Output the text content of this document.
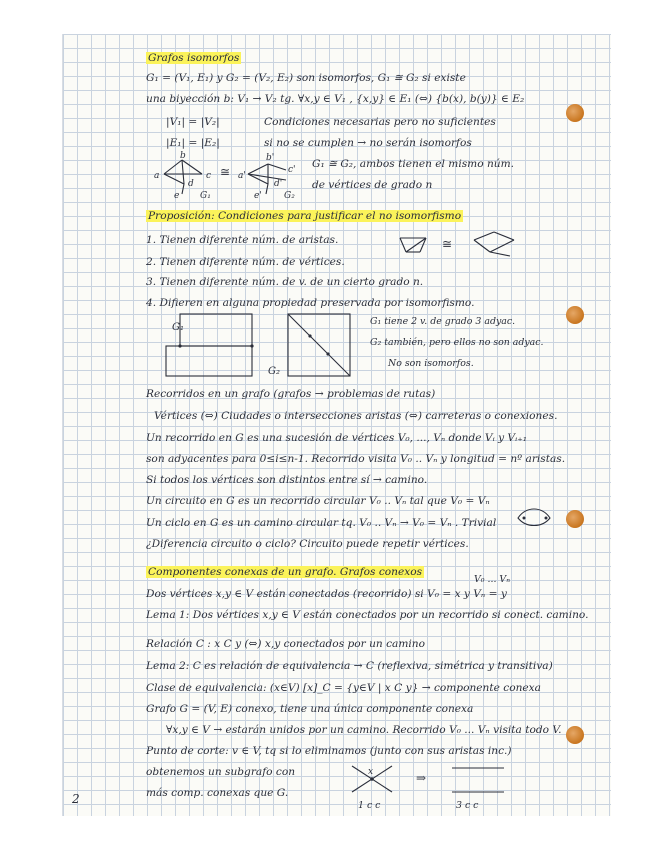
Grafos isomorfos
G₁ = (V₁, E₁) y G₂ = (V₂, E₂) son isomorfos, G₁ ≅ G₂ si existe
una biyección b: V₁ → V₂ tg. ∀x,y ∈ V₁ , {x,y} ∈ E₁ (⇔) {b(x), b(y)} ∈ E₂
|V₁| = |V₂|	Condiciones necesarias pero no suficientes
|E₁| = |E₂|	si no se cumplen → no serán isomorfos
G₁ ≅ G₂, ambos tienen el mismo núm.
de vértices de grado n
Proposición: Condiciones para justificar el no isomorfismo
1. Tienen diferente núm. de aristas.
2. Tienen diferente núm. de vértices.
3. Tienen diferente núm. de v. de un cierto grado n.
4. Difieren en alguna propiedad preservada por isomorfismo.
G₁ tiene 2 v. de grado 3 adyac.
G₂ también, pero ellos no son adyac.
No son isomorfos.
Recorridos en un grafo (grafos → problemas de rutas)
Vértices (⇔) Ciudades o intersecciones aristas (⇔) carreteras o conexiones.
Un recorrido en G es una sucesión de vértices V₀, ..., Vₙ donde Vᵢ y Vᵢ₊₁
son adyacentes para 0≤i≤n-1. Recorrido visita V₀ .. Vₙ y longitud = nº aristas.
Si todos los vértices son distintos entre sí → camino.
Un circuito en G es un recorrido circular V₀ .. Vₙ tal que V₀ = Vₙ
Un ciclo en G es un camino circular tq. V₀ .. Vₙ → V₀ = Vₙ . Trivial
¿Diferencia circuito o ciclo? Circuito puede repetir vértices.
Componentes conexas de un grafo. Grafos conexos
V₀ ... Vₙ
Dos vértices x,y ∈ V están conectados (recorrido) si V₀ = x y Vₙ = y
Lema 1: Dos vértices x,y ∈ V están conectados por un recorrido si conect. camino.
Relación C : x C y (⇔) x,y conectados por un camino
Lema 2: C es relación de equivalencia → C (reflexiva, simétrica y transitiva)
Clase de equivalencia: (x∈V) [x]_C = {y∈V | x C y} → componente conexa
Grafo G = (V, E) conexo, tiene una única componente conexa
∀x,y ∈ V → estarán unidos por un camino. Recorrido V₀ ... Vₙ visita todo V.
Punto de corte: v ∈ V, tq si lo eliminamos (junto con sus aristas inc.)
obtenemos un subgrafo con
más comp. conexas que G.
1 c c	3 c c
2
a
b
c
d
e G₁
≅ a'
b'
c'
d'
e' G₂
≅
G₁
G₂
x	⇒
